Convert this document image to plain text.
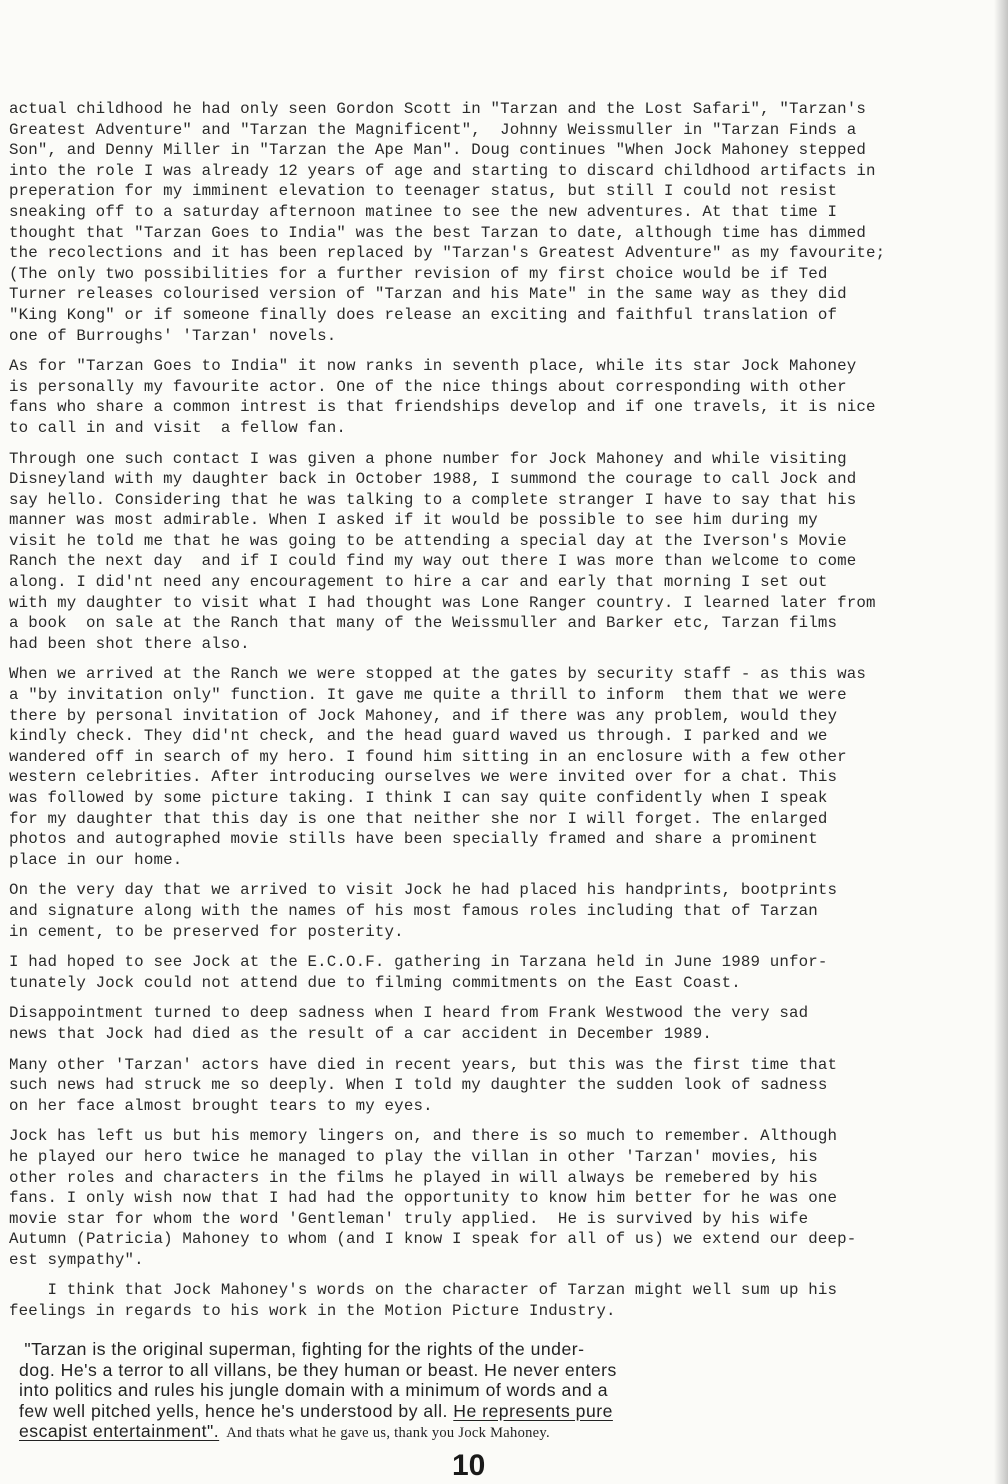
actual childhood he had only seen Gordon Scott in "Tarzan and the Lost Safari", "Tarzan's
Greatest Adventure" and "Tarzan the Magnificent",  Johnny Weissmuller in "Tarzan Finds a
Son", and Denny Miller in "Tarzan the Ape Man". Doug continues "When Jock Mahoney stepped
into the role I was already 12 years of age and starting to discard childhood artifacts in
preperation for my imminent elevation to teenager status, but still I could not resist
sneaking off to a saturday afternoon matinee to see the new adventures. At that time I
thought that "Tarzan Goes to India" was the best Tarzan to date, although time has dimmed
the recolections and it has been replaced by "Tarzan's Greatest Adventure" as my favourite;
(The only two possibilities for a further revision of my first choice would be if Ted
Turner releases colourised version of "Tarzan and his Mate" in the same way as they did
"King Kong" or if someone finally does release an exciting and faithful translation of
one of Burroughs' 'Tarzan' novels.
As for "Tarzan Goes to India" it now ranks in seventh place, while its star Jock Mahoney
is personally my favourite actor. One of the nice things about corresponding with other
fans who share a common intrest is that friendships develop and if one travels, it is nice
to call in and visit  a fellow fan.
Through one such contact I was given a phone number for Jock Mahoney and while visiting
Disneyland with my daughter back in October 1988, I summond the courage to call Jock and
say hello. Considering that he was talking to a complete stranger I have to say that his
manner was most admirable. When I asked if it would be possible to see him during my
visit he told me that he was going to be attending a special day at the Iverson's Movie
Ranch the next day  and if I could find my way out there I was more than welcome to come
along. I did'nt need any encouragement to hire a car and early that morning I set out
with my daughter to visit what I had thought was Lone Ranger country. I learned later from
a book  on sale at the Ranch that many of the Weissmuller and Barker etc, Tarzan films
had been shot there also.
When we arrived at the Ranch we were stopped at the gates by security staff - as this was
a "by invitation only" function. It gave me quite a thrill to inform  them that we were
there by personal invitation of Jock Mahoney, and if there was any problem, would they
kindly check. They did'nt check, and the head guard waved us through. I parked and we
wandered off in search of my hero. I found him sitting in an enclosure with a few other
western celebrities. After introducing ourselves we were invited over for a chat. This
was followed by some picture taking. I think I can say quite confidently when I speak
for my daughter that this day is one that neither she nor I will forget. The enlarged
photos and autographed movie stills have been specially framed and share a prominent
place in our home.
On the very day that we arrived to visit Jock he had placed his handprints, bootprints
and signature along with the names of his most famous roles including that of Tarzan
in cement, to be preserved for posterity.
I had hoped to see Jock at the E.C.O.F. gathering in Tarzana held in June 1989 unfor-
tunately Jock could not attend due to filming commitments on the East Coast.
Disappointment turned to deep sadness when I heard from Frank Westwood the very sad
news that Jock had died as the result of a car accident in December 1989.
Many other 'Tarzan' actors have died in recent years, but this was the first time that
such news had struck me so deeply. When I told my daughter the sudden look of sadness
on her face almost brought tears to my eyes.
Jock has left us but his memory lingers on, and there is so much to remember. Although
he played our hero twice he managed to play the villan in other 'Tarzan' movies, his
other roles and characters in the films he played in will always be remebered by his
fans. I only wish now that I had had the opportunity to know him better for he was one
movie star for whom the word 'Gentleman' truly applied.  He is survived by his wife
Autumn (Patricia) Mahoney to whom (and I know I speak for all of us) we extend our deep-
est sympathy".
I think that Jock Mahoney's words on the character of Tarzan might well sum up his
feelings in regards to his work in the Motion Picture Industry.
"Tarzan is the original superman, fighting for the rights of the under-
dog. He's a terror to all villans, be they human or beast. He never enters
into politics and rules his jungle domain with a minimum of words and a
few well pitched yells, hence he's understood by all. He represents pure
escapist entertainment".  And thats what he gave us, thank you Jock Mahoney.
10
